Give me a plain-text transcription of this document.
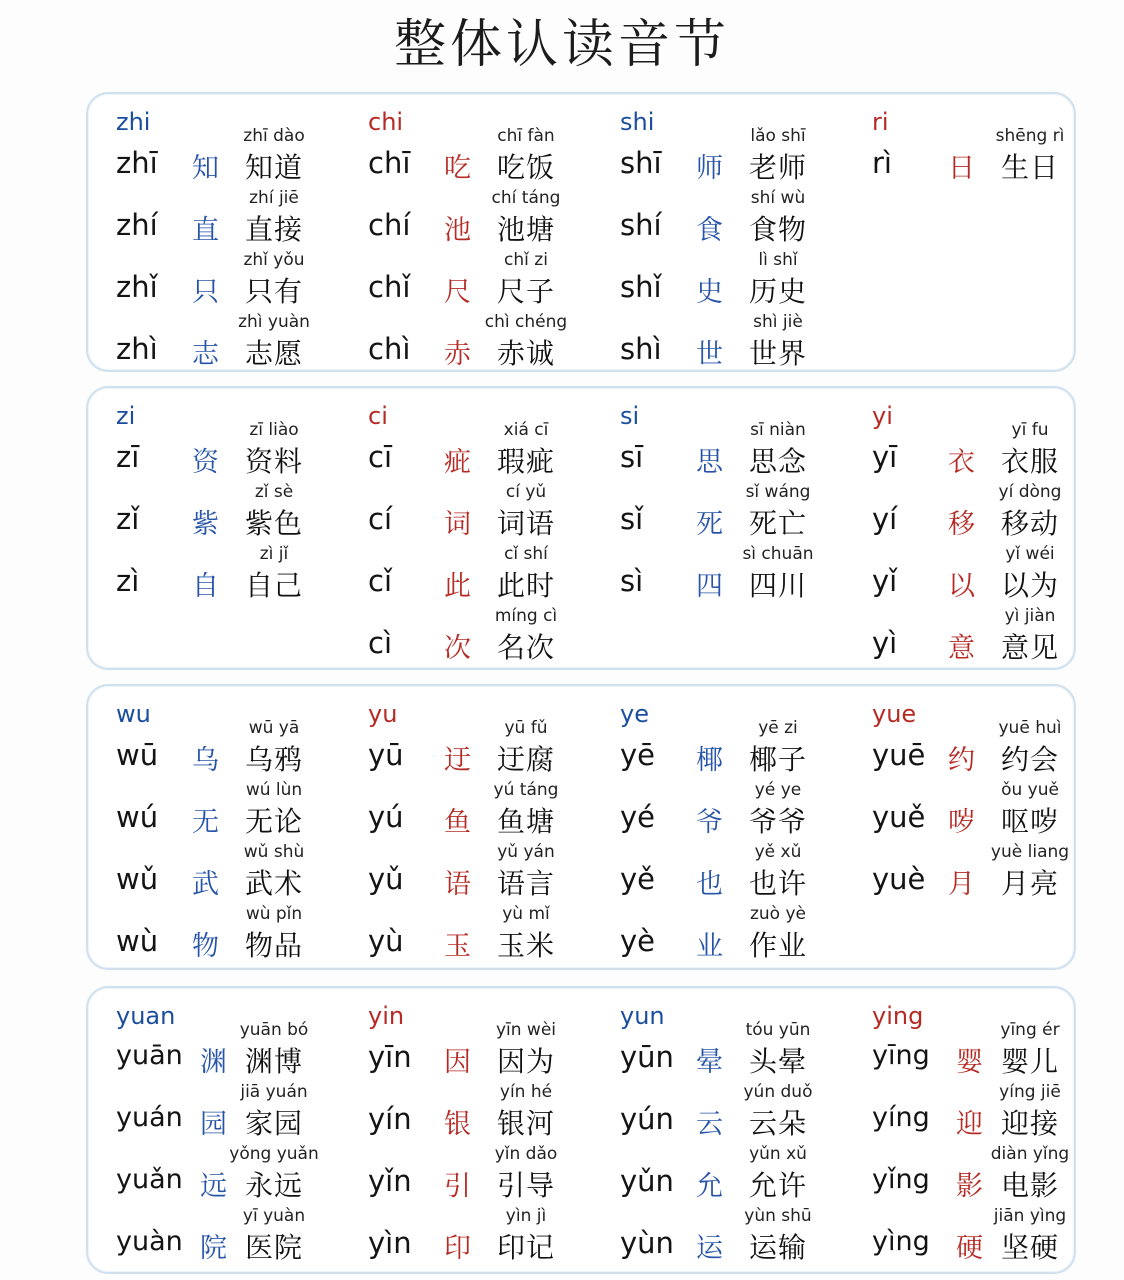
整体认读音节
zhi
zhī 知
zhī dào
知道
zhí 直
zhí jiē
直接
zhǐ 只
zhǐ yǒu
只有
zhì 志
zhì yuàn
志愿
chi
chī 吃
chī fàn
吃饭
chí 池
chí táng
池塘
chǐ 尺
chǐ zi
尺子
chì 赤
chì chéng
赤诚
shi
shī 师
lǎo shī
老师
shí 食
shí wù
食物
shǐ 史
lì shǐ
历史
shì 世
shì jiè
世界
ri
rì 日
shēng rì
生日
zi
zī 资
zī liào
资料
zǐ 紫
zǐ sè
紫色
zì 自
zì jǐ
自己
ci
cī 疵
xiá cī
瑕疵
cí 词
cí yǔ
词语
cǐ 此
cǐ shí
此时
cì 次
míng cì
名次
si
sī 思
sī niàn
思念
sǐ 死
sǐ wáng
死亡
sì 四
sì chuān
四川
yi
yī 衣
yī fu
衣服
yí 移
yí dòng
移动
yǐ 以
yǐ wéi
以为
yì 意
yì jiàn
意见
wu
wū 乌
wū yā
乌鸦
wú 无
wú lùn
无论
wǔ 武
wǔ shù
武术
wù 物
wù pǐn
物品
yu
yū 迂
yū fǔ
迂腐
yú 鱼
yú táng
鱼塘
yǔ 语
yǔ yán
语言
yù 玉
yù mǐ
玉米
ye
yē 椰
yē zi
椰子
yé 爷
yé ye
爷爷
yě 也
yě xǔ
也许
yè 业
zuò yè
作业
yue
yuē 约
yuē huì
约会
yuě 哕
ǒu yuě
呕哕
yuè 月
yuè liang
月亮
yuan
yuān 渊
yuān bó
渊博
yuán 园
jiā yuán
家园
yuǎn 远
yǒng yuǎn
永远
yuàn 院
yī yuàn
医院
yin
yīn 因
yīn wèi
因为
yín 银
yín hé
银河
yǐn 引
yǐn dǎo
引导
yìn 印
yìn jì
印记
yun
yūn 晕
tóu yūn
头晕
yún 云
yún duǒ
云朵
yǔn 允
yǔn xǔ
允许
yùn 运
yùn shū
运输
ying
yīng 婴
yīng ér
婴儿
yíng 迎
yíng jiē
迎接
yǐng 影
diàn yǐng
电影
yìng 硬
jiān yìng
坚硬
